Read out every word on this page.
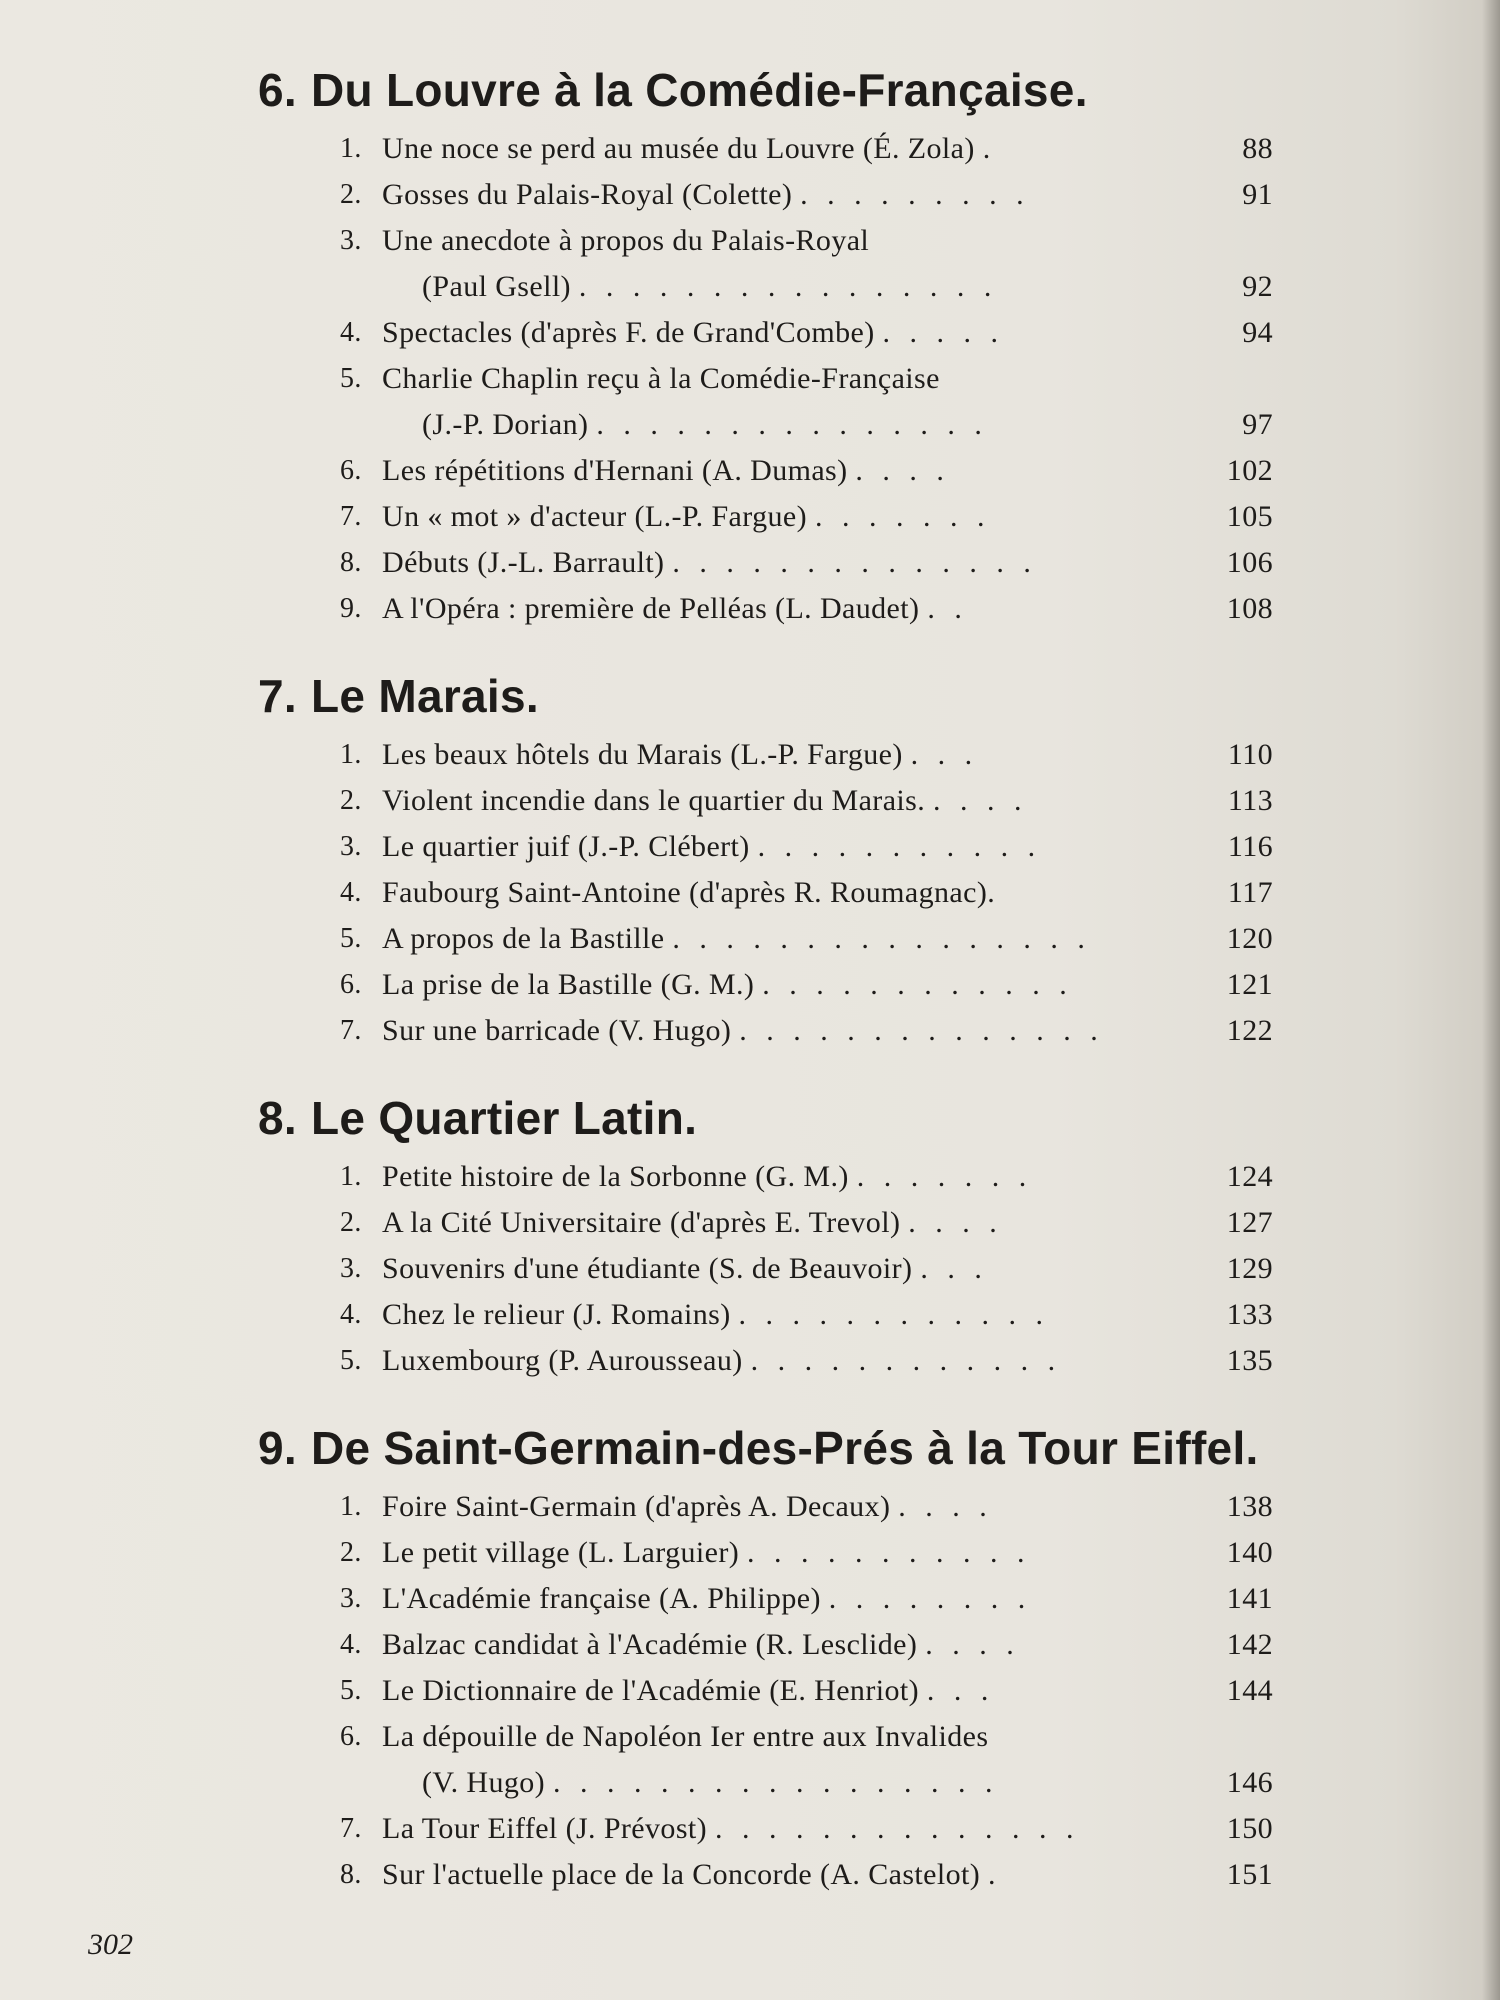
6. Du Louvre à la Comédie-Française.
1. Une noce se perd au musée du Louvre (É. Zola) .	88
2. Gosses du Palais-Royal (Colette) . . . . . . . . .	91
3. Une anecdote à propos du Palais-Royal
(Paul Gsell) . . . . . . . . . . . . . . . .	92
4. Spectacles (d'après F. de Grand'Combe) . . . . .	94
5. Charlie Chaplin reçu à la Comédie-Française
(J.-P. Dorian) . . . . . . . . . . . . . . .	97
6. Les répétitions d'Hernani (A. Dumas) . . . .	102
7. Un « mot » d'acteur (L.-P. Fargue) . . . . . . .	105
8. Débuts (J.-L. Barrault) . . . . . . . . . . . . . .	106
9. A l'Opéra : première de Pelléas (L. Daudet) . .	108
7. Le Marais.
1. Les beaux hôtels du Marais (L.-P. Fargue) . . .	110
2. Violent incendie dans le quartier du Marais. . . . .	113
3. Le quartier juif (J.-P. Clébert) . . . . . . . . . . .	116
4. Faubourg Saint-Antoine (d'après R. Roumagnac).	117
5. A propos de la Bastille . . . . . . . . . . . . . . . .	120
6. La prise de la Bastille (G. M.) . . . . . . . . . . . .	121
7. Sur une barricade (V. Hugo) . . . . . . . . . . . . . .	122
8. Le Quartier Latin.
1. Petite histoire de la Sorbonne (G. M.) . . . . . . .	124
2. A la Cité Universitaire (d'après E. Trevol) . . . .	127
3. Souvenirs d'une étudiante (S. de Beauvoir) . . .	129
4. Chez le relieur (J. Romains) . . . . . . . . . . . .	133
5. Luxembourg (P. Aurousseau) . . . . . . . . . . . .	135
9. De Saint-Germain-des-Prés à la Tour Eiffel.
1. Foire Saint-Germain (d'après A. Decaux) . . . .	138
2. Le petit village (L. Larguier) . . . . . . . . . . .	140
3. L'Académie française (A. Philippe) . . . . . . . .	141
4. Balzac candidat à l'Académie (R. Lesclide) . . . .	142
5. Le Dictionnaire de l'Académie (E. Henriot) . . .	144
6. La dépouille de Napoléon Ier entre aux Invalides
(V. Hugo) . . . . . . . . . . . . . . . . .	146
7. La Tour Eiffel (J. Prévost) . . . . . . . . . . . . . .	150
8. Sur l'actuelle place de la Concorde (A. Castelot) .	151
302
